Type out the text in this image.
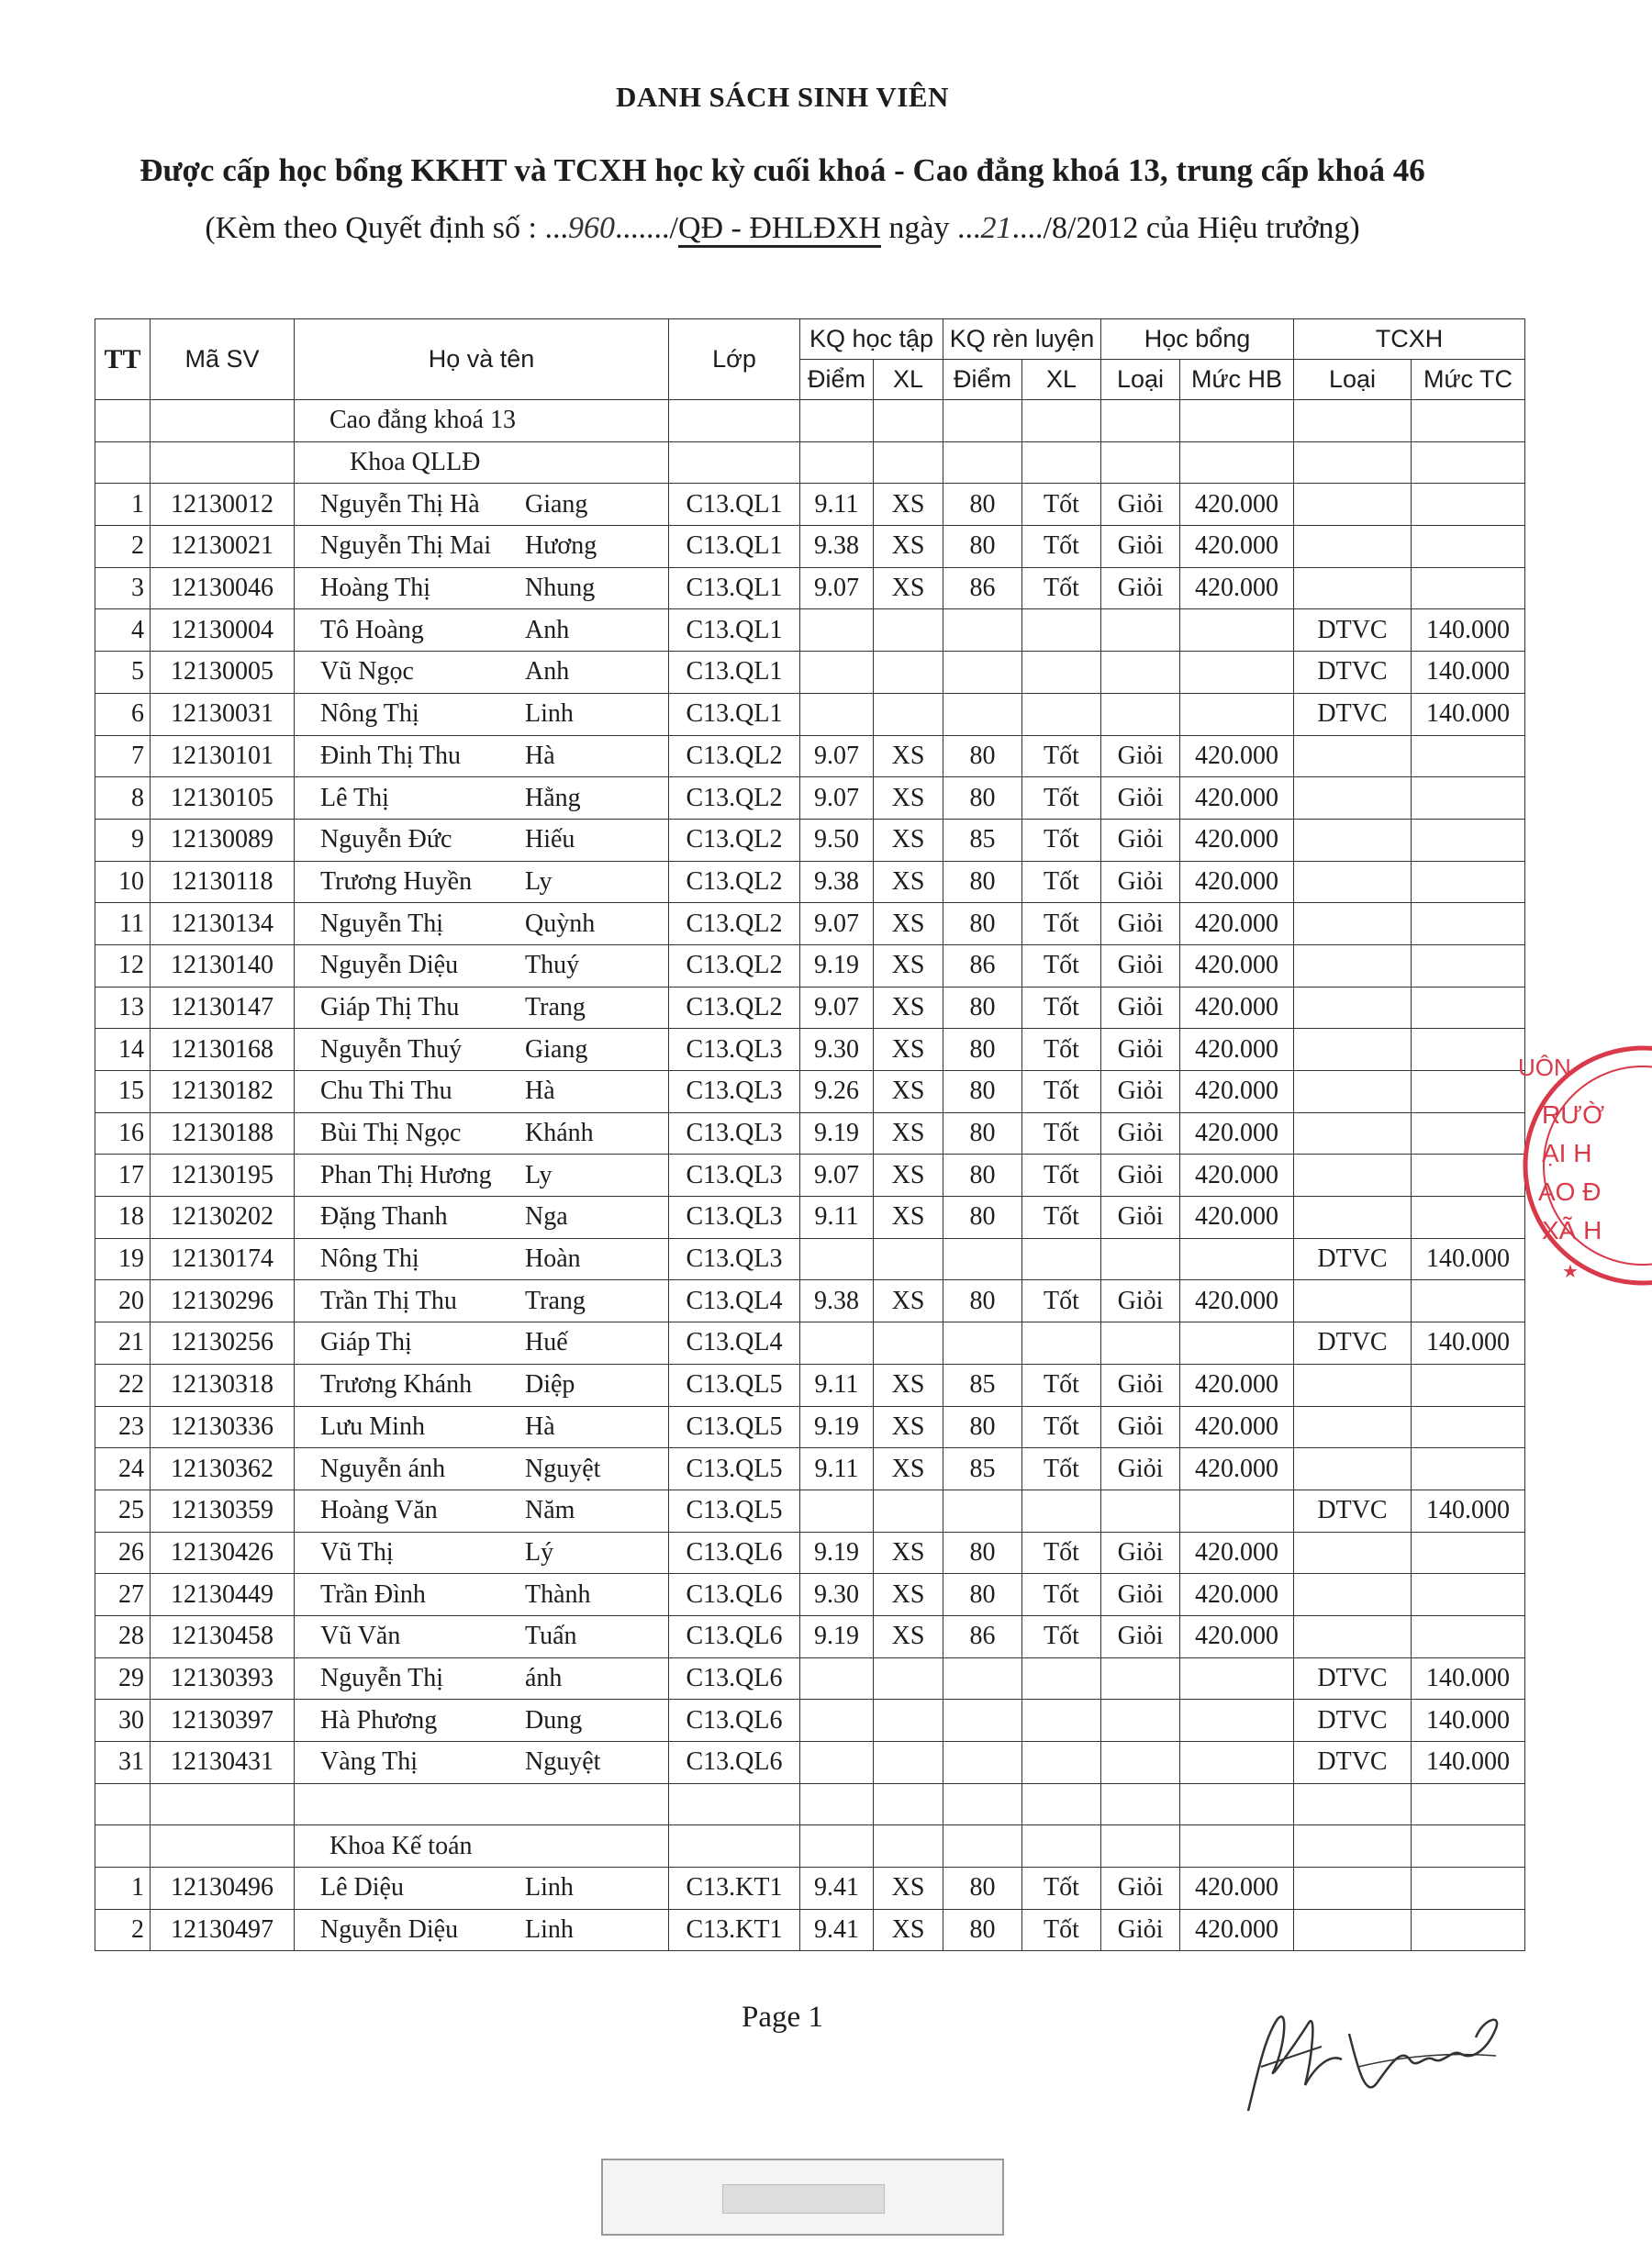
DANH SÁCH SINH VIÊN
Được cấp học bổng KKHT và TCXH học kỳ cuối khoá - Cao đẳng khoá 13, trung cấp khoá 46
(Kèm theo Quyết định số : ...960......./QĐ - ĐHLĐXH ngày ...21..../8/2012 của Hiệu trưởng)
TT	Mã SV	Họ và tên	Lớp	KQ học tập		KQ rèn luyện		Học bổng		TCXH	
				Điểm	XL	Điểm	XL	Loại	Mức HB	Loại	Mức TC
		Cao đẳng khoá 13									
		Khoa QLLĐ									
1	12130012	Nguyễn Thị Hà Giang	C13.QL1	9.11	XS	80	Tốt	Giỏi	420.000		
2	12130021	Nguyễn Thị Mai Hương	C13.QL1	9.38	XS	80	Tốt	Giỏi	420.000		
3	12130046	Hoàng Thị Nhung	C13.QL1	9.07	XS	86	Tốt	Giỏi	420.000		
4	12130004	Tô Hoàng Anh	C13.QL1							DTVC	140.000
5	12130005	Vũ Ngọc Anh	C13.QL1							DTVC	140.000
6	12130031	Nông Thị Linh	C13.QL1							DTVC	140.000
7	12130101	Đinh Thị Thu Hà	C13.QL2	9.07	XS	80	Tốt	Giỏi	420.000		
8	12130105	Lê Thị Hằng	C13.QL2	9.07	XS	80	Tốt	Giỏi	420.000		
9	12130089	Nguyễn Đức Hiếu	C13.QL2	9.50	XS	85	Tốt	Giỏi	420.000		
10	12130118	Trương Huyền Ly	C13.QL2	9.38	XS	80	Tốt	Giỏi	420.000		
11	12130134	Nguyễn Thị Quỳnh	C13.QL2	9.07	XS	80	Tốt	Giỏi	420.000		
12	12130140	Nguyễn Diệu Thuý	C13.QL2	9.19	XS	86	Tốt	Giỏi	420.000		
13	12130147	Giáp Thị Thu Trang	C13.QL2	9.07	XS	80	Tốt	Giỏi	420.000		
14	12130168	Nguyễn Thuý Giang	C13.QL3	9.30	XS	80	Tốt	Giỏi	420.000		
15	12130182	Chu Thi Thu Hà	C13.QL3	9.26	XS	80	Tốt	Giỏi	420.000		
16	12130188	Bùi Thị Ngọc Khánh	C13.QL3	9.19	XS	80	Tốt	Giỏi	420.000		
17	12130195	Phan Thị Hương Ly	C13.QL3	9.07	XS	80	Tốt	Giỏi	420.000		
18	12130202	Đặng Thanh Nga	C13.QL3	9.11	XS	80	Tốt	Giỏi	420.000		
19	12130174	Nông Thị Hoàn	C13.QL3							DTVC	140.000
20	12130296	Trần Thị Thu Trang	C13.QL4	9.38	XS	80	Tốt	Giỏi	420.000		
21	12130256	Giáp Thị Huế	C13.QL4							DTVC	140.000
22	12130318	Trương Khánh Diệp	C13.QL5	9.11	XS	85	Tốt	Giỏi	420.000		
23	12130336	Lưu Minh Hà	C13.QL5	9.19	XS	80	Tốt	Giỏi	420.000		
24	12130362	Nguyễn ánh Nguyệt	C13.QL5	9.11	XS	85	Tốt	Giỏi	420.000		
25	12130359	Hoàng Văn Năm	C13.QL5							DTVC	140.000
26	12130426	Vũ Thị Lý	C13.QL6	9.19	XS	80	Tốt	Giỏi	420.000		
27	12130449	Trần Đình Thành	C13.QL6	9.30	XS	80	Tốt	Giỏi	420.000		
28	12130458	Vũ Văn Tuấn	C13.QL6	9.19	XS	86	Tốt	Giỏi	420.000		
29	12130393	Nguyễn Thị ánh	C13.QL6							DTVC	140.000
30	12130397	Hà Phương Dung	C13.QL6							DTVC	140.000
31	12130431	Vàng Thị Nguyệt	C13.QL6							DTVC	140.000

		Khoa Kế toán									
1	12130496	Lê Diệu Linh	C13.KT1	9.41	XS	80	Tốt	Giỏi	420.000		
2	12130497	Nguyễn Diệu Linh	C13.KT1	9.41	XS	80	Tốt	Giỏi	420.000		
Page 1
UÔN
RƯỜ
ẠI H
AO Đ
XÃ H
★
